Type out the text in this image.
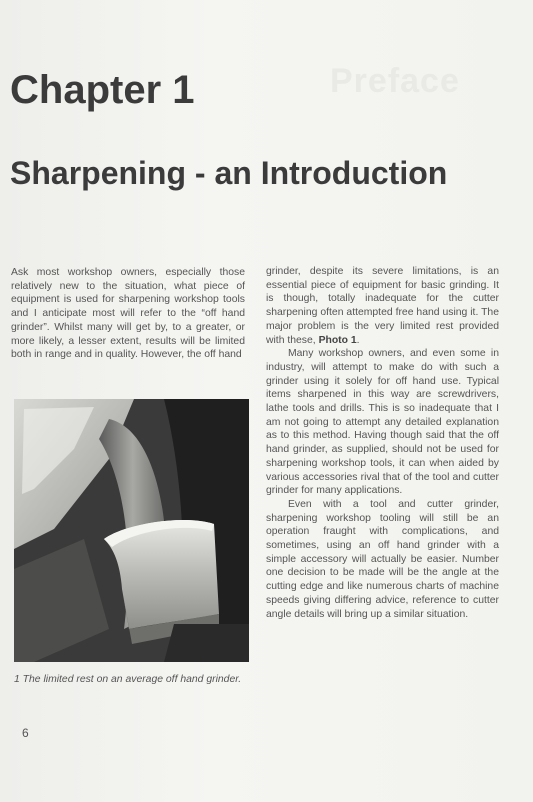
Preface
Chapter 1
Sharpening - an Introduction

Ask most workshop owners, especially those relatively new to the situation, what piece of equipment is used for sharpening workshop tools and I anticipate most will refer to the “off hand grinder”. Whilst many will get by, to a greater, or more likely, a lesser extent, results will be limited both in range and in quality. However, the off hand

1 The limited rest on an average off hand grinder.

grinder, despite its severe limitations, is an essential piece of equipment for basic grinding. It is though, totally inadequate for the cutter sharpening often attempted free hand using it. The major problem is the very limited rest provided with these, Photo 1.

Many workshop owners, and even some in industry, will attempt to make do with such a grinder using it solely for off hand use. Typical items sharpened in this way are screwdrivers, lathe tools and drills. This is so inadequate that I am not going to attempt any detailed explanation as to this method. Having though said that the off hand grinder, as supplied, should not be used for sharpening workshop tools, it can when aided by various accessories rival that of the tool and cutter grinder for many applications.

Even with a tool and cutter grinder, sharpening workshop tooling will still be an operation fraught with complications, and sometimes, using an off hand grinder with a simple accessory will actually be easier. Number one decision to be made will be the angle at the cutting edge and like numerous charts of machine speeds giving differing advice, reference to cutter angle details will bring up a similar situation.

6
